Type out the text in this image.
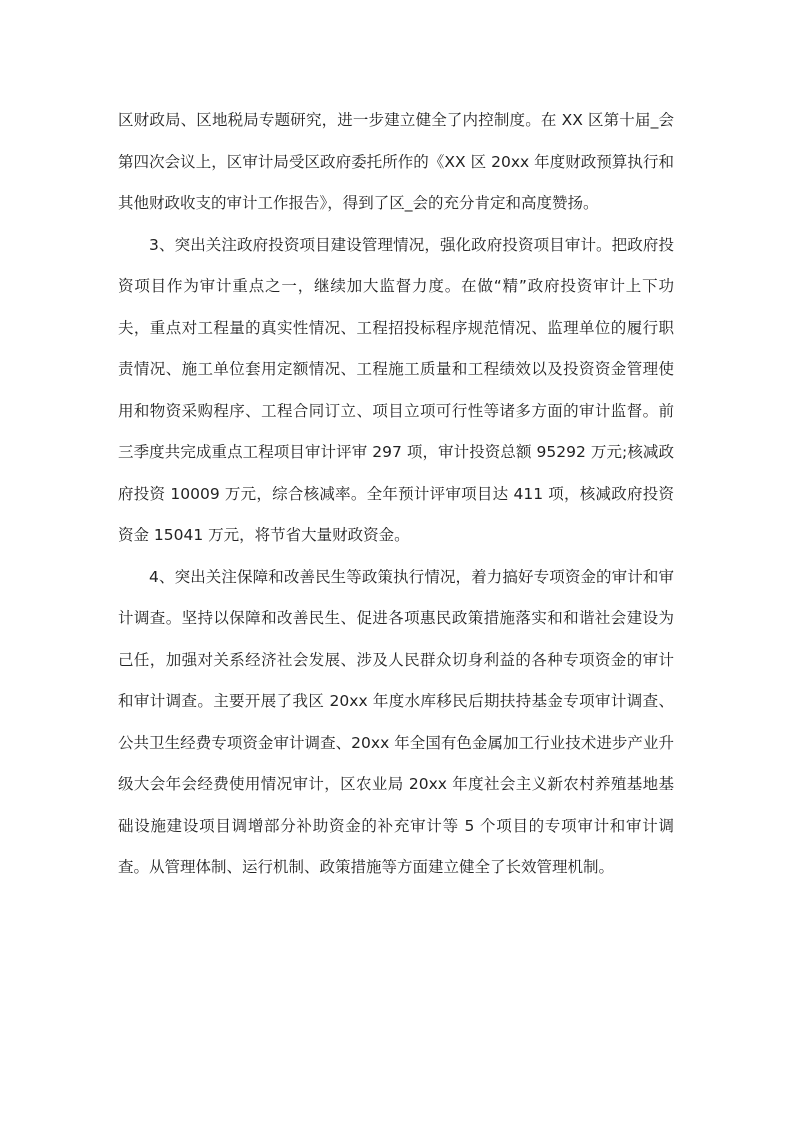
区财政局、区地税局专题研究，进一步建立健全了内控制度。在 XX 区第十届_会第四次会议上，区审计局受区政府委托所作的《XX 区 20xx 年度财政预算执行和其他财政收支的审计工作报告》，得到了区_会的充分肯定和高度赞扬。

3、突出关注政府投资项目建设管理情况，强化政府投资项目审计。把政府投资项目作为审计重点之一，继续加大监督力度。在做“精”政府投资审计上下功夫，重点对工程量的真实性情况、工程招投标程序规范情况、监理单位的履行职责情况、施工单位套用定额情况、工程施工质量和工程绩效以及投资资金管理使用和物资采购程序、工程合同订立、项目立项可行性等诸多方面的审计监督。前三季度共完成重点工程项目审计评审 297 项，审计投资总额 95292 万元;核减政府投资 10009 万元，综合核减率。全年预计评审项目达 411 项，核减政府投资资金 15041 万元，将节省大量财政资金。

4、突出关注保障和改善民生等政策执行情况，着力搞好专项资金的审计和审计调查。坚持以保障和改善民生、促进各项惠民政策措施落实和和谐社会建设为己任，加强对关系经济社会发展、涉及人民群众切身利益的各种专项资金的审计和审计调查。主要开展了我区 20xx 年度水库移民后期扶持基金专项审计调查、公共卫生经费专项资金审计调查、20xx 年全国有色金属加工行业技术进步产业升级大会年会经费使用情况审计，区农业局 20xx 年度社会主义新农村养殖基地基础设施建设项目调增部分补助资金的补充审计等 5 个项目的专项审计和审计调查。从管理体制、运行机制、政策措施等方面建立健全了长效管理机制。
